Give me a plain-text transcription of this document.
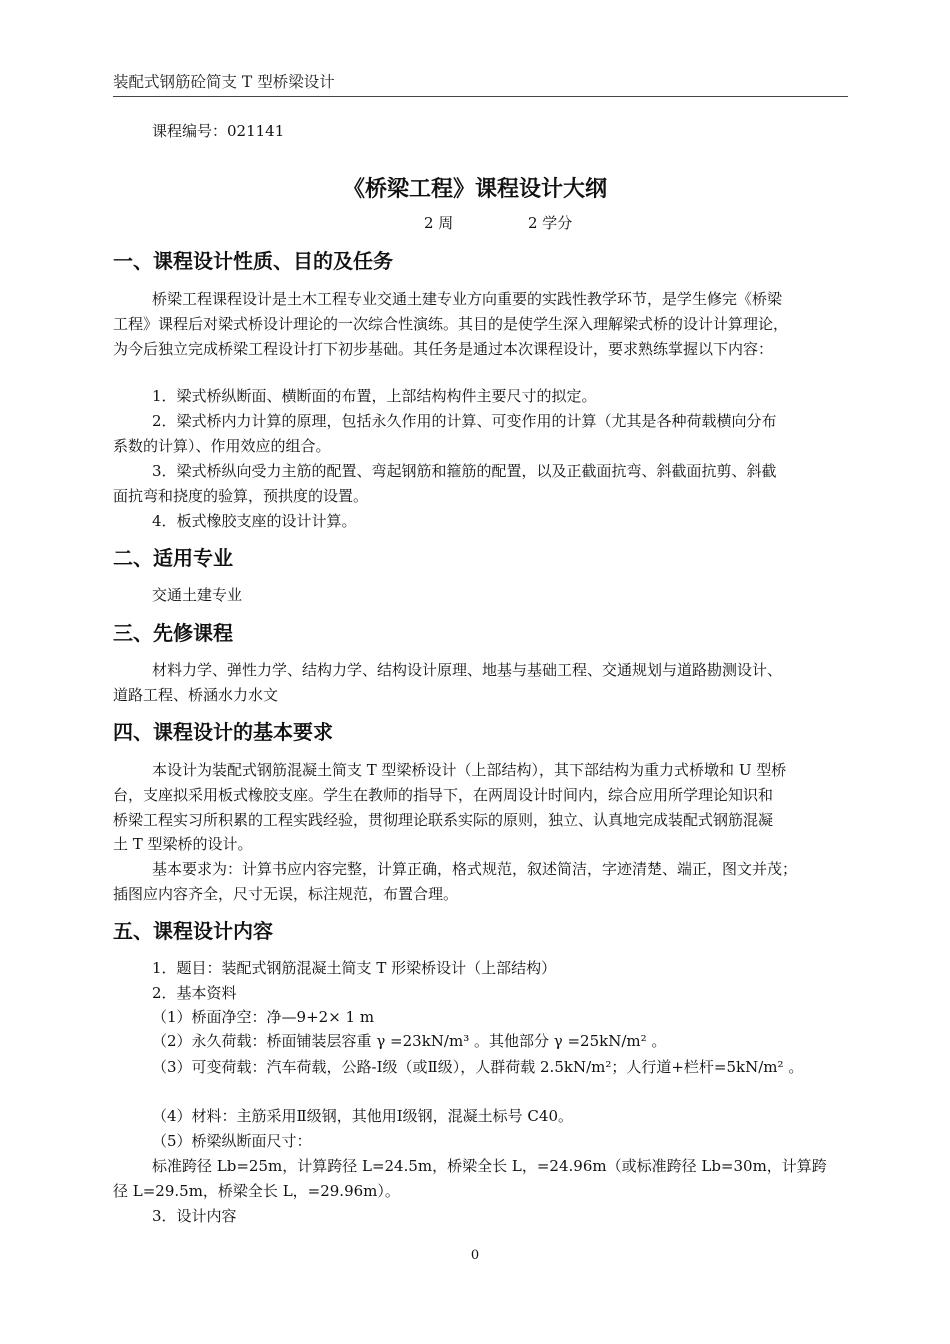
装配式钢筋砼简支 T 型桥梁设计
课程编号：021141
《桥梁工程》课程设计大纲
2 周	2 学分
一、课程设计性质、目的及任务
桥梁工程课程设计是土木工程专业交通土建专业方向重要的实践性教学环节，是学生修完《桥梁
工程》课程后对梁式桥设计理论的一次综合性演练。其目的是使学生深入理解梁式桥的设计计算理论，
为今后独立完成桥梁工程设计打下初步基础。其任务是通过本次课程设计，要求熟练掌握以下内容：
1．梁式桥纵断面、横断面的布置，上部结构构件主要尺寸的拟定。
2．梁式桥内力计算的原理，包括永久作用的计算、可变作用的计算（尤其是各种荷载横向分布
系数的计算）、作用效应的组合。
3．梁式桥纵向受力主筋的配置、弯起钢筋和箍筋的配置，以及正截面抗弯、斜截面抗剪、斜截
面抗弯和挠度的验算，预拱度的设置。
4．板式橡胶支座的设计计算。
二、适用专业
交通土建专业
三、先修课程
材料力学、弹性力学、结构力学、结构设计原理、地基与基础工程、交通规划与道路勘测设计、
道路工程、桥涵水力水文
四、课程设计的基本要求
本设计为装配式钢筋混凝土简支 T 型梁桥设计（上部结构），其下部结构为重力式桥墩和 U 型桥
台，支座拟采用板式橡胶支座。学生在教师的指导下，在两周设计时间内，综合应用所学理论知识和
桥梁工程实习所积累的工程实践经验，贯彻理论联系实际的原则，独立、认真地完成装配式钢筋混凝
土 T 型梁桥的设计。
基本要求为：计算书应内容完整，计算正确，格式规范，叙述简洁，字迹清楚、端正，图文并茂；
插图应内容齐全，尺寸无误，标注规范，布置合理。
五、课程设计内容
1．题目：装配式钢筋混凝土简支 T 形梁桥设计（上部结构）
2．基本资料
（1）桥面净空：净—9+2× 1 m
（2）永久荷载：桥面铺装层容重 γ =23kN/m³ 。其他部分 γ =25kN/m² 。
（3）可变荷载：汽车荷载，公路-Ⅰ级（或Ⅱ级），人群荷载 2.5kN/m²；人行道+栏杆=5kN/m² 。
（4）材料：主筋采用Ⅱ级钢，其他用Ⅰ级钢，混凝土标号 C40。
（5）桥梁纵断面尺寸：
标准跨径 Lb=25m，计算跨径 L=24.5m，桥梁全长 L，=24.96m（或标准跨径 Lb=30m，计算跨
径 L=29.5m，桥梁全长 L，=29.96m）。
3．设计内容
0
